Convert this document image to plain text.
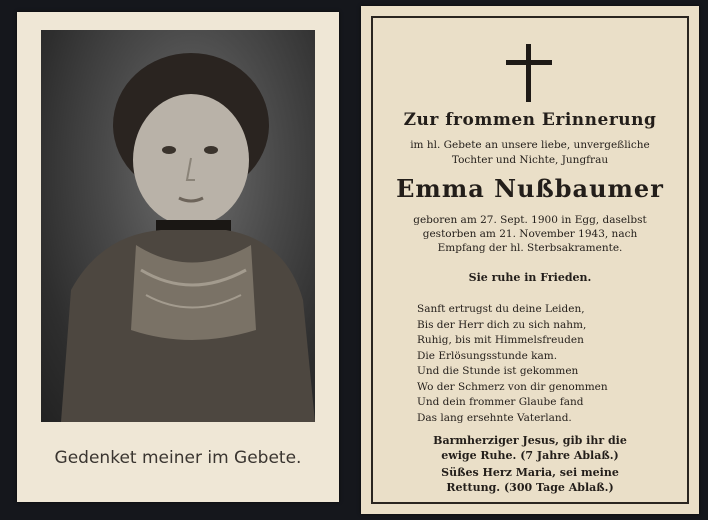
Gedenket meiner im Gebete.
Zur frommen Erinnerung
im hl. Gebete an unsere liebe, unvergeßliche
Tochter und Nichte, Jungfrau
Emma Nußbaumer
geboren am 27. Sept. 1900 in Egg, daselbst
gestorben am 21. November 1943, nach
Empfang der hl. Sterbsakramente.
Sie ruhe in Frieden.
Sanft ertrugst du deine Leiden,
Bis der Herr dich zu sich nahm,
Ruhig, bis mit Himmelsfreuden
Die Erlösungsstunde kam.
Und die Stunde ist gekommen
Wo der Schmerz von dir genommen
Und dein frommer Glaube fand
Das lang ersehnte Vaterland.
Barmherziger Jesus, gib ihr die
ewige Ruhe. (7 Jahre Ablaß.)
Süßes Herz Maria, sei meine
Rettung. (300 Tage Ablaß.)
